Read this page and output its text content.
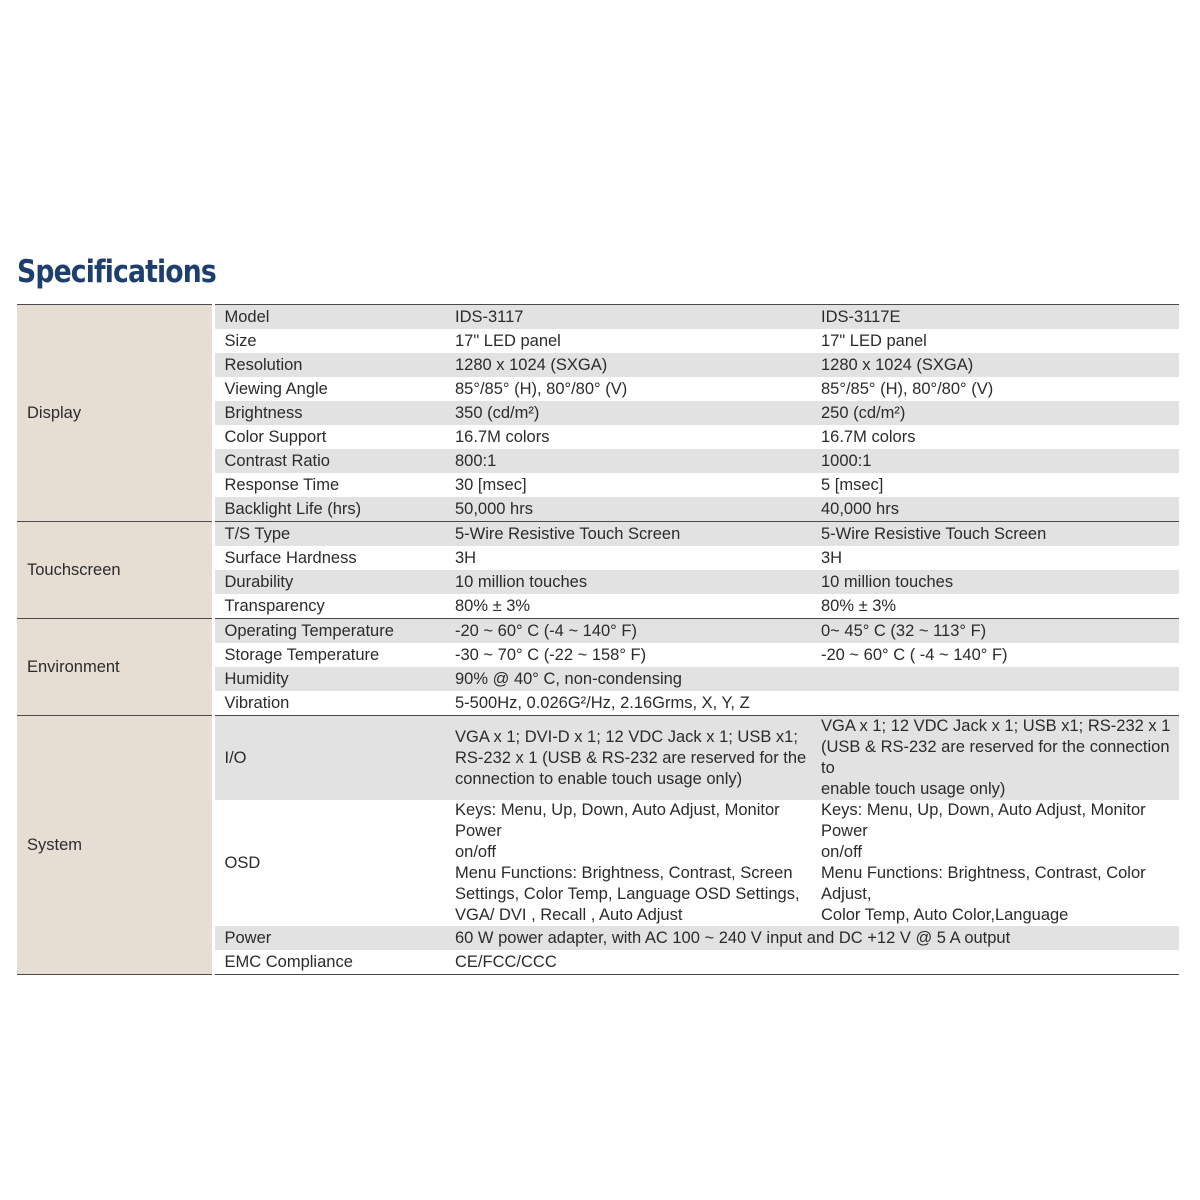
Specifications
Display	Model	IDS-3117	IDS-3117E
	Size	17" LED panel	17" LED panel
	Resolution	1280 x 1024 (SXGA)	1280 x 1024 (SXGA)
	Viewing Angle	85°/85° (H), 80°/80° (V)	85°/85° (H), 80°/80° (V)
	Brightness	350 (cd/m²)	250 (cd/m²)
	Color Support	16.7M colors	16.7M colors
	Contrast Ratio	800:1	1000:1
	Response Time	30 [msec]	5 [msec]
	Backlight Life (hrs)	50,000 hrs	40,000 hrs
Touchscreen	T/S Type	5-Wire Resistive Touch Screen	5-Wire Resistive Touch Screen
	Surface Hardness	3H	3H
	Durability	10 million touches	10 million touches
	Transparency	80% ± 3%	80% ± 3%
Environment	Operating Temperature	-20 ~ 60° C (-4 ~ 140° F)	0~ 45° C (32 ~ 113° F)
	Storage Temperature	-30 ~ 70° C (-22 ~ 158° F)	-20 ~ 60° C ( -4 ~ 140° F)
	Humidity	90% @ 40° C, non-condensing	
	Vibration	5-500Hz, 0.026G²/Hz, 2.16Grms, X, Y, Z	
System	I/O	VGA x 1; DVI-D x 1; 12 VDC Jack x 1; USB x1;
RS-232 x 1 (USB & RS-232 are reserved for the
connection to enable touch usage only)	VGA x 1; 12 VDC Jack x 1; USB x1; RS-232 x 1
(USB & RS-232 are reserved for the connection to
enable touch usage only)

	OSD	Keys: Menu, Up, Down, Auto Adjust, Monitor Power
on/off
Menu Functions: Brightness, Contrast, Screen
Settings, Color Temp, Language OSD Settings,
VGA/ DVI , Recall , Auto Adjust	Keys: Menu, Up, Down, Auto Adjust, Monitor Power
on/off
Menu Functions: Brightness, Contrast, Color Adjust,
Color Temp, Auto Color,Language

	Power	60 W power adapter, with AC 100 ~ 240 V input and DC +12 V @ 5 A output	
	EMC Compliance	CE/FCC/CCC	
